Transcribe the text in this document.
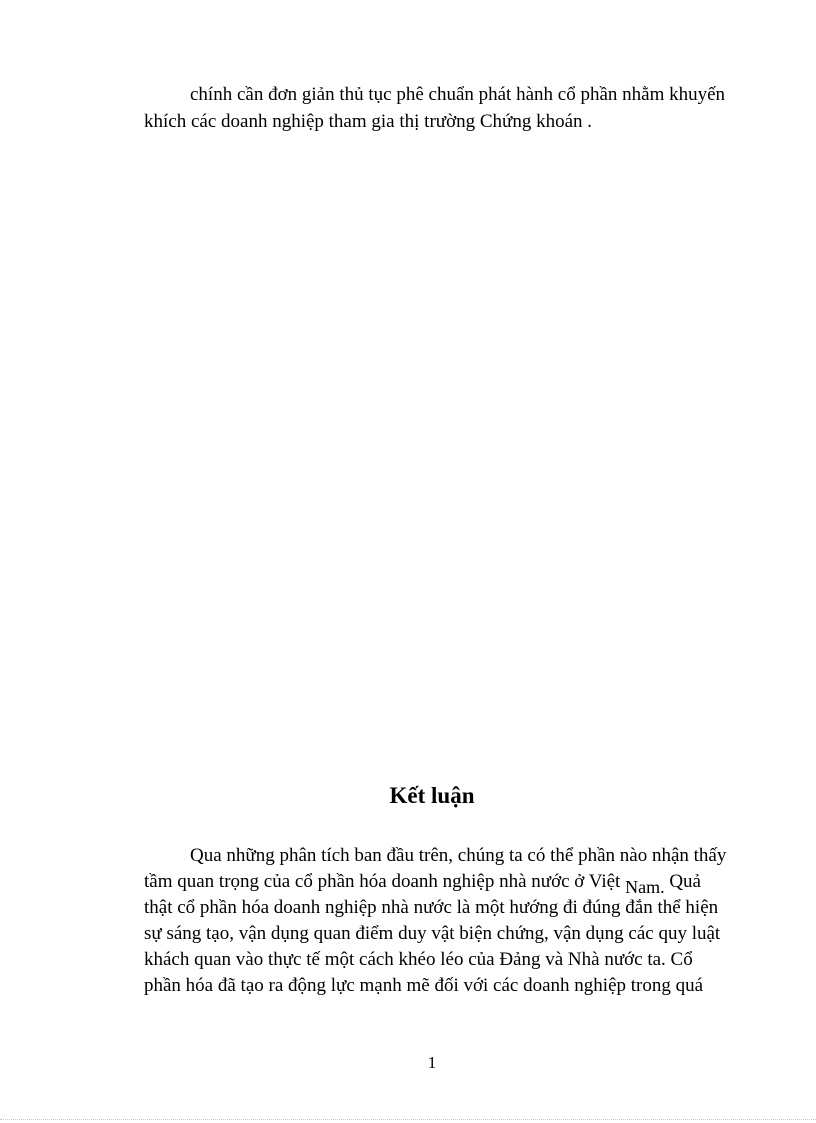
chính cần đơn giản thủ tục phê chuẩn phát hành cổ phần nhằm khuyến
khích các doanh nghiệp tham gia thị trường Chứng khoán .
Kết luận
Qua những phân tích ban đầu trên, chúng ta có thể phần nào nhận thấy
tầm quan trọng của cổ phần hóa doanh nghiệp nhà nước ở Việt Nam. Quả
thật cổ phần hóa doanh nghiệp nhà nước là một hướng đi đúng đắn thể hiện
sự sáng tạo, vận dụng quan điểm duy vật biện chứng, vận dụng các quy luật
khách quan vào thực tế một cách khéo léo của Đảng và Nhà nước ta. Cổ
phần hóa đã tạo ra động lực mạnh mẽ đối với các doanh nghiệp trong quá
1
